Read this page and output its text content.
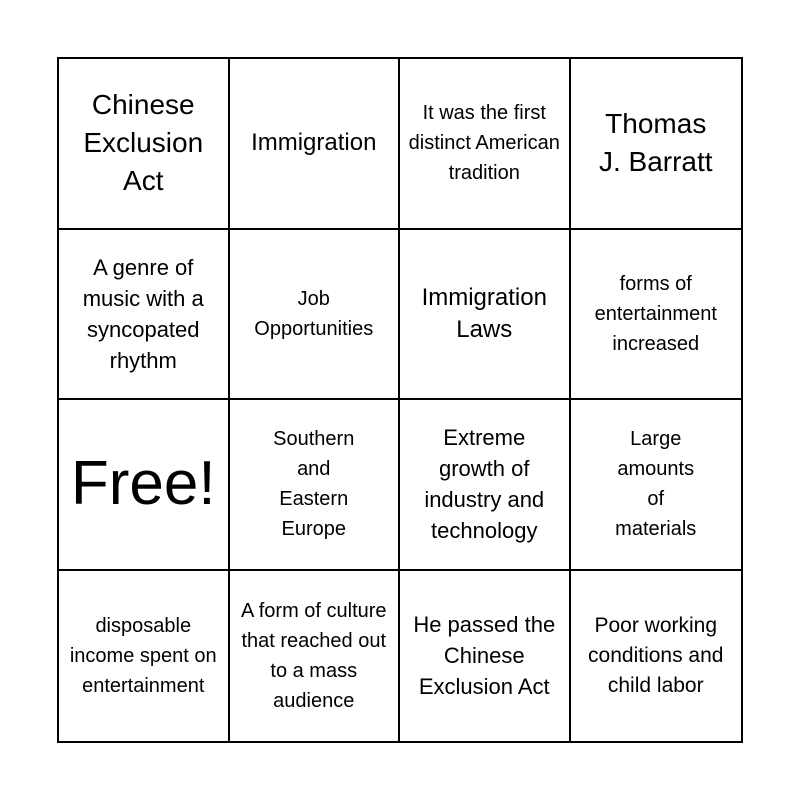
Chinese Exclusion Act
Immigration
It was the first distinct American tradition
Thomas J. Barratt
A genre of music with a syncopated rhythm
Job Opportunities
Immigration Laws
forms of entertainment increased
Free!
Southern and Eastern Europe
Extreme growth of industry and technology
Large amounts of materials
disposable income spent on entertainment
A form of culture that reached out to a mass audience
He passed the Chinese Exclusion Act
Poor working conditions and child labor
